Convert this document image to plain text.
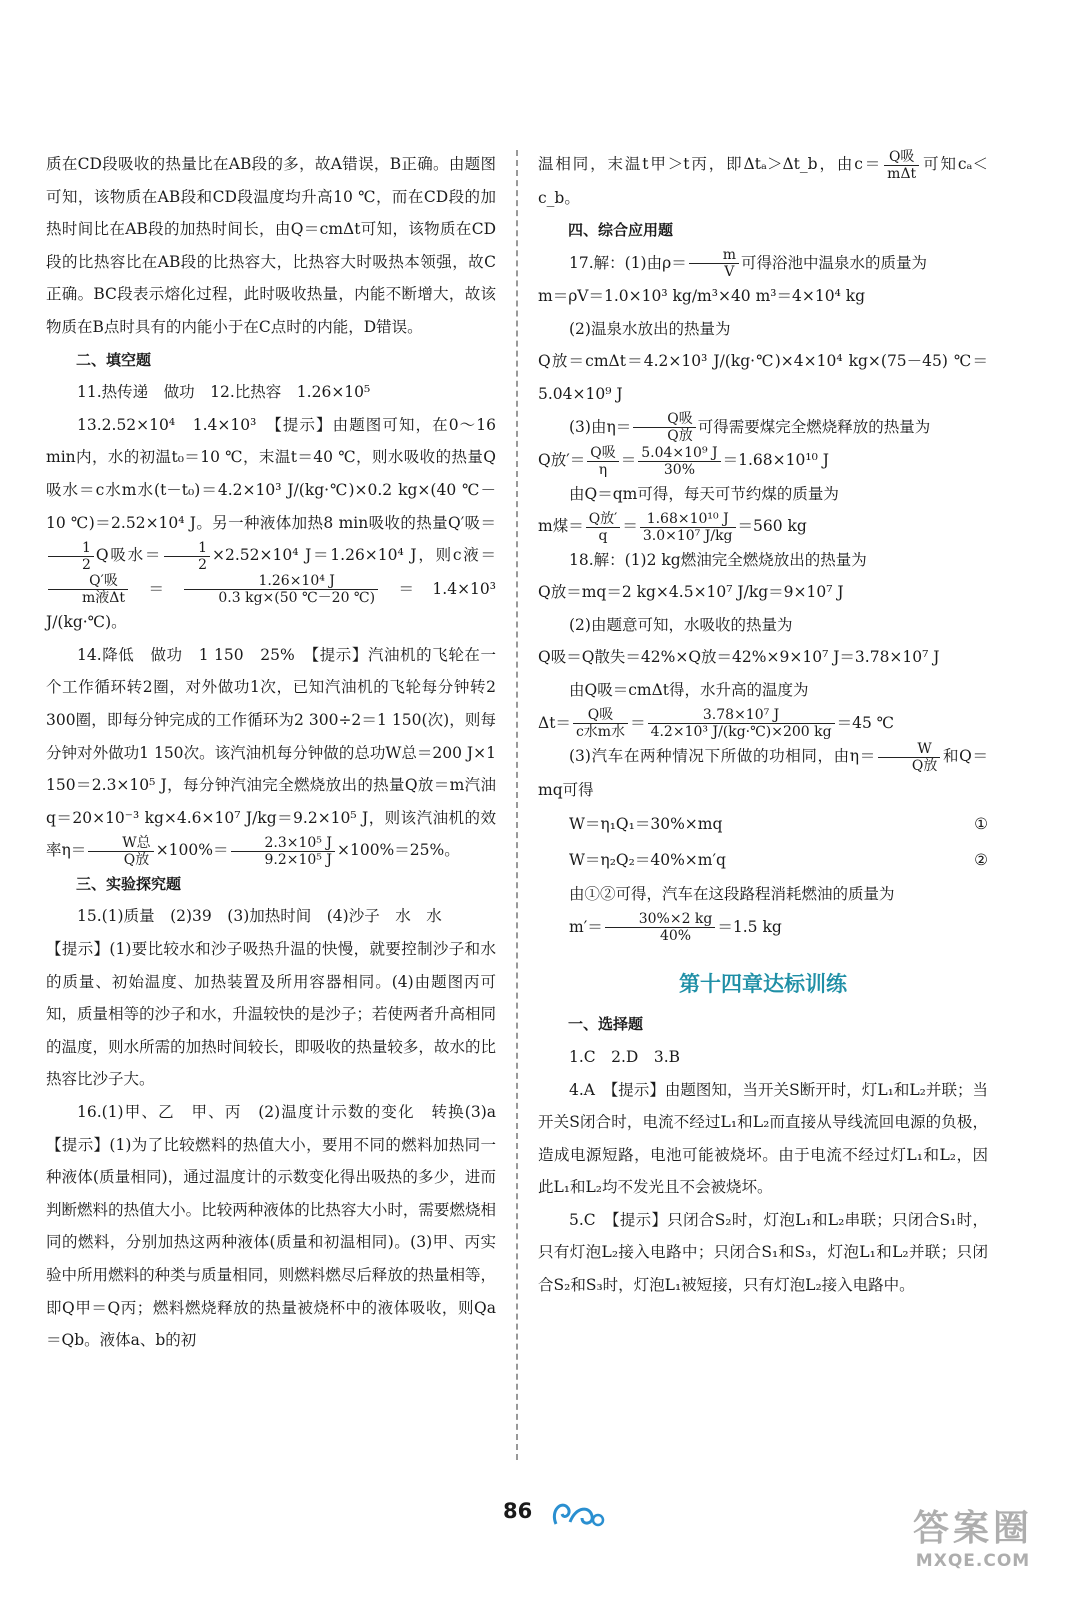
质在CD段吸收的热量比在AB段的多，故A错误，B正确。由题图可知，该物质在AB段和CD段温度均升高10 ℃，而在CD段的加热时间比在AB段的加热时间长，由Q＝cmΔt可知，该物质在CD段的比热容比在AB段的比热容大，比热容大时吸热本领强，故C正确。BC段表示熔化过程，此时吸收热量，内能不断增大，故该物质在B点时具有的内能小于在C点时的内能，D错误。

二、填空题

11.热传递　做功　12.比热容　1.26×10⁵

13.2.52×10⁴　1.4×10³　【提示】由题图可知，在0～16 min内，水的初温t₀＝10 ℃，末温t＝40 ℃，则水吸收的热量Q吸水＝c水m水(t－t₀)＝4.2×10³ J/(kg·℃)×0.2 kg×(40 ℃－10 ℃)＝2.52×10⁴ J。另一种液体加热8 min吸收的热量Q′吸＝
$\frac{1}{2}$ Q吸水＝ $\frac{1}{2} \times 2.52\times 10^4$ J＝1.26×10⁴ J，则c液＝
$\frac{\text{Q′吸}}{\text{m液Δt}} = \frac{\text{1.26×10⁴ J}}{0.3 kg\times(50 ℃-20 ℃)} =1.4\times 10^3$ J/(kg·℃)。

14.降低　做功　1 150　25%　【提示】汽油机的飞轮在一个工作循环转2圈，对外做功1次，已知汽油机的飞轮每分钟转2 300圈，即每分钟完成的工作循环为2 300÷2＝1 150(次)，则每分钟对外做功1 150次。该汽油机每分钟做的总功W总＝200 J×1 150＝2.3×10⁵ J，每分钟汽油完全燃烧放出的热量Q放＝m汽油q＝20×10⁻³ kg×4.6×10⁷ J/kg＝9.2×10⁵ J，则该汽油机的效率$\eta= \frac{\text{W总}}{\text{Q放}} \times 100\%= \frac{\text{2.3×10⁵ J}}{\text{9.2×10⁵ J}} \times 100\%=25\%$。

三、实验探究题

15.(1)质量　(2)39　(3)加热时间　(4)沙子　水　水

【提示】(1)要比较水和沙子吸热升温的快慢，就要控制沙子和水的质量、初始温度、加热装置及所用容器相同。(4)由题图丙可知，质量相等的沙子和水，升温较快的是沙子；若使两者升高相同的温度，则水所需的加热时间较长，即吸收的热量较多，故水的比热容比沙子大。

16.(1)甲、乙　甲、丙　(2)温度计示数的变化　转换(3)a　【提示】(1)为了比较燃料的热值大小，要用不同的燃料加热同一种液体(质量相同)，通过温度计的示数变化得出吸热的多少，进而判断燃料的热值大小。比较两种液体的比热容大小时，需要燃烧相同的燃料，分别加热这两种液体(质量和初温相同)。(3)甲、丙实验中所用燃料的种类与质量相同，则燃料燃尽后释放的热量相等，即Q甲＝Q丙；燃料燃烧释放的热量被烧杯中的液体吸收，则Qa＝Qb。液体a、b的初

温相同，末温t甲＞t丙，即Δtₐ＞Δt_b，由$c= \frac{\text{Q吸}}{\text{mΔt}}$ 可知cₐ＜c_b。

四、综合应用题

17.解：(1)由$\rho= \frac{m}{V}$ 可得浴池中温泉水的质量为

m＝ρV＝1.0×10³ kg/m³×40 m³＝4×10⁴ kg

(2)温泉水放出的热量为

Q放＝cmΔt＝4.2×10³ J/(kg·℃)×4×10⁴ kg×(75－45) ℃＝5.04×10⁹ J

(3)由$\eta= \frac{\text{Q吸}}{\text{Q放}}$ 可得需要煤完全燃烧释放的热量为

Q放′＝ $\frac{\text{Q吸}}{\eta} = \frac{\text{5.04×10⁹ J}}{30\%} =1.68\times 10^{10}$ J

由Q＝qm可得，每天可节约煤的质量为

m煤＝ $\frac{\text{Q放′}}{q} = \frac{\text{1.68×10¹⁰ J}}{\text{3.0×10⁷ J/kg}} =560$ kg

18.解：(1)2 kg燃油完全燃烧放出的热量为

Q放＝mq＝2 kg×4.5×10⁷ J/kg＝9×10⁷ J

(2)由题意可知，水吸收的热量为

Q吸＝Q散失＝42%×Q放＝42%×9×10⁷ J＝3.78×10⁷ J

由Q吸＝cmΔt得，水升高的温度为

$\Delta t= \frac{\text{Q吸}}{\text{c水m水}} = \frac{\text{3.78×10⁷ J}}{\text{4.2×10³ J/(kg·℃)×200 kg}} =45$ ℃

(3)汽车在两种情况下所做的功相同，由$\eta= \frac{W}{\text{Q放}}$ 和Q＝mq可得

W＝η₁Q₁＝30%×mq	①

W＝η₂Q₂＝40%×m′q	②

由①②可得，汽车在这段路程消耗燃油的质量为

$m'= \frac{30\%\times 2 kg}{40\%} =1.5$ kg

第十四章达标训练

一、选择题

1.C　2.D　3.B

4.A　【提示】由题图知，当开关S断开时，灯L₁和L₂并联；当开关S闭合时，电流不经过L₁和L₂而直接从导线流回电源的负极，造成电源短路，电池可能被烧坏。由于电流不经过灯L₁和L₂，因此L₁和L₂均不发光且不会被烧坏。

5.C　【提示】只闭合S₂时，灯泡L₁和L₂串联；只闭合S₁时，只有灯泡L₂接入电路中；只闭合S₁和S₃，灯泡L₁和L₂并联；只闭合S₂和S₃时，灯泡L₁被短接，只有灯泡L₂接入电路中。

86	答案圈
MXQE.COM
